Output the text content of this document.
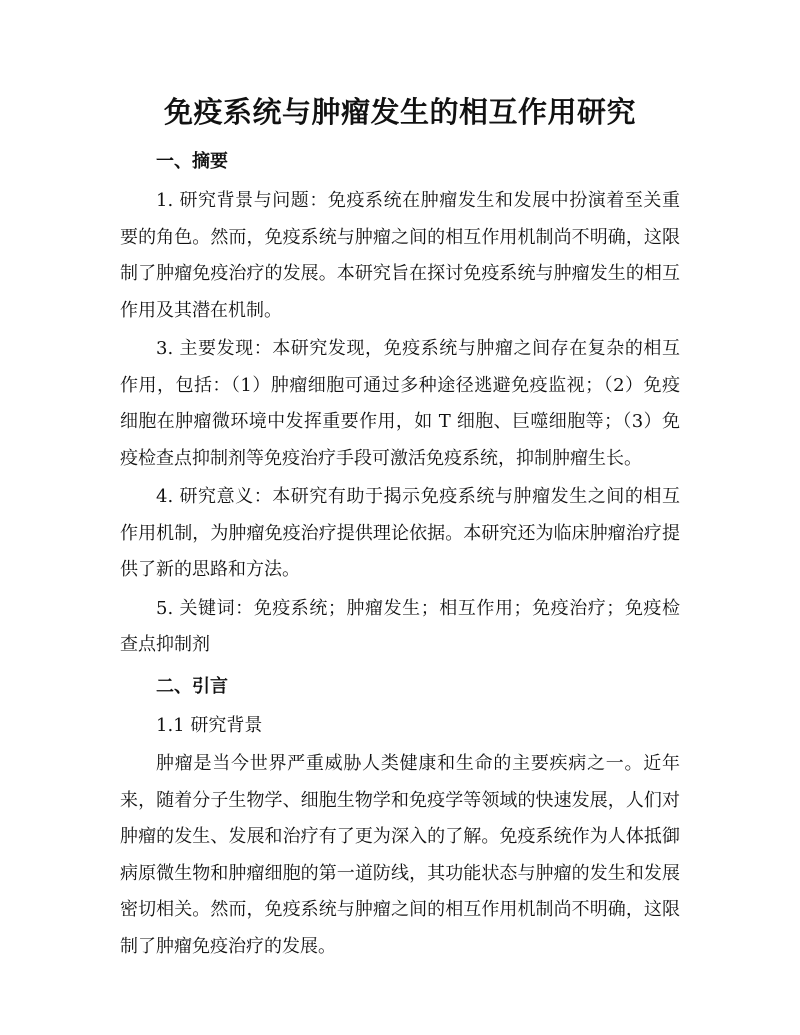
免疫系统与肿瘤发生的相互作用研究

一、摘要

1. 研究背景与问题：免疫系统在肿瘤发生和发展中扮演着至关重要的角色。然而，免疫系统与肿瘤之间的相互作用机制尚不明确，这限制了肿瘤免疫治疗的发展。本研究旨在探讨免疫系统与肿瘤发生的相互作用及其潜在机制。

3. 主要发现：本研究发现，免疫系统与肿瘤之间存在复杂的相互作用，包括：（1）肿瘤细胞可通过多种途径逃避免疫监视；（2）免疫细胞在肿瘤微环境中发挥重要作用，如 T 细胞、巨噬细胞等；（3）免疫检查点抑制剂等免疫治疗手段可激活免疫系统，抑制肿瘤生长。

4. 研究意义：本研究有助于揭示免疫系统与肿瘤发生之间的相互作用机制，为肿瘤免疫治疗提供理论依据。本研究还为临床肿瘤治疗提供了新的思路和方法。

5. 关键词：免疫系统；肿瘤发生；相互作用；免疫治疗；免疫检查点抑制剂

二、引言

1.1 研究背景

肿瘤是当今世界严重威胁人类健康和生命的主要疾病之一。近年来，随着分子生物学、细胞生物学和免疫学等领域的快速发展，人们对肿瘤的发生、发展和治疗有了更为深入的了解。免疫系统作为人体抵御病原微生物和肿瘤细胞的第一道防线，其功能状态与肿瘤的发生和发展密切相关。然而，免疫系统与肿瘤之间的相互作用机制尚不明确，这限制了肿瘤免疫治疗的发展。
